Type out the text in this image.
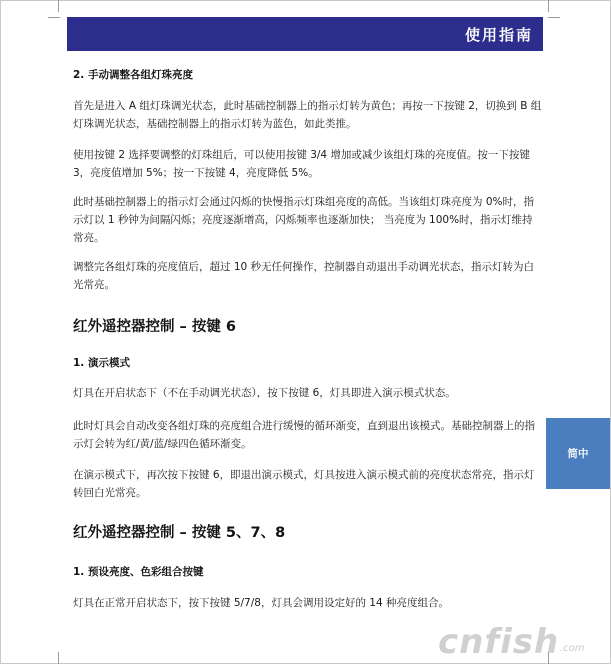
使用指南
2. 手动调整各组灯珠亮度
首先是进入 A 组灯珠调光状态，此时基础控制器上的指示灯转为黄色；再按一下按键 2，切换到 B 组灯珠调光状态，基础控制器上的指示灯转为蓝色，如此类推。
使用按键 2 选择要调整的灯珠组后，可以使用按键 3/4 增加或减少该组灯珠的亮度值。按一下按键 3，亮度值增加 5%；按一下按键 4，亮度降低 5%。
此时基础控制器上的指示灯会通过闪烁的快慢指示灯珠组亮度的高低。当该组灯珠亮度为 0%时，指示灯以 1 秒钟为间隔闪烁；亮度逐渐增高，闪烁频率也逐渐加快； 当亮度为 100%时，指示灯维持常亮。
调整完各组灯珠的亮度值后，超过 10 秒无任何操作，控制器自动退出手动调光状态，指示灯转为白光常亮。
红外遥控器控制 – 按键 6
1. 演示模式
灯具在开启状态下（不在手动调光状态），按下按键 6，灯具即进入演示模式状态。
此时灯具会自动改变各组灯珠的亮度组合进行缓慢的循环渐变，直到退出该模式。基础控制器上的指示灯会转为红/黄/蓝/绿四色循环渐变。
在演示模式下，再次按下按键 6，即退出演示模式，灯具按进入演示模式前的亮度状态常亮，指示灯转回白光常亮。
红外遥控器控制 – 按键 5、7、8
1. 预设亮度、色彩组合按键
灯具在正常开启状态下，按下按键 5/7/8，灯具会调用设定好的 14 种亮度组合。
简中
cnfish .com
